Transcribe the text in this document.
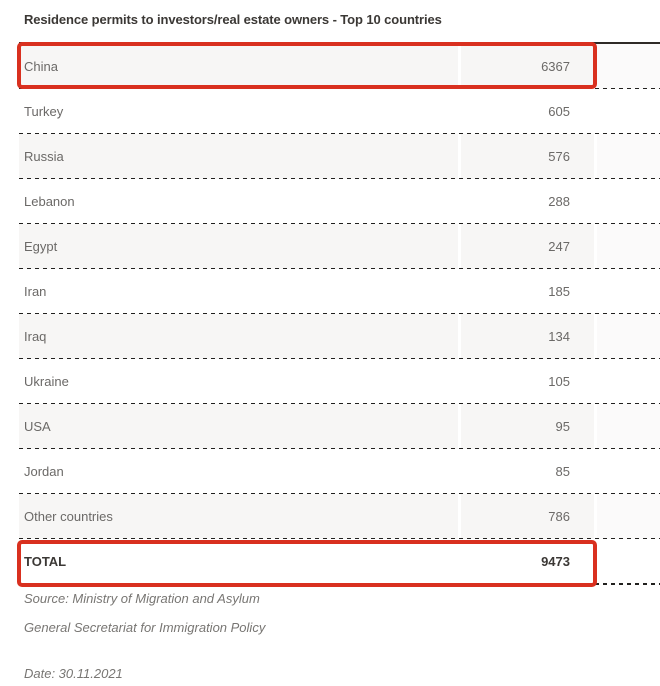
Residence permits to investors/real estate owners - Top 10 countries
China	6367
Turkey	605
Russia	576
Lebanon	288
Egypt	247
Iran	185
Iraq	134
Ukraine	105
USA	95
Jordan	85
Other countries	786
TOTAL	9473

Source: Ministry of Migration and Asylum

General Secretariat for Immigration Policy

Date: 30.11.2021
